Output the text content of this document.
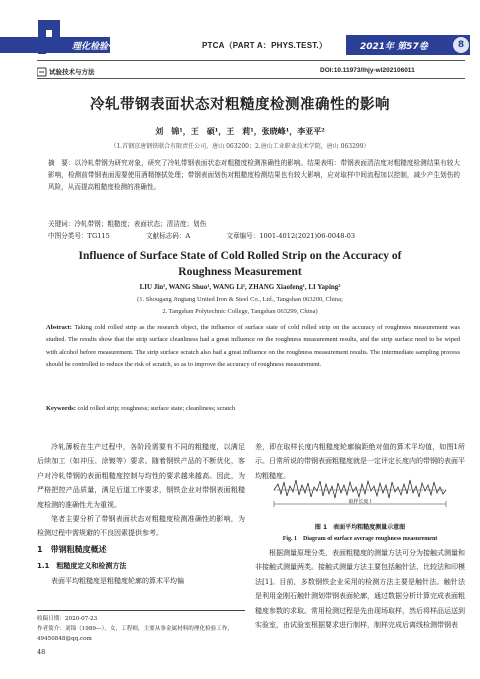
理化检验·物理分册	PTCA（PART A：PHYS.TEST.）	2021年 第57卷	8
试验技术与方法	DOI:10.11973/lhjy-wl202106011
冷轧带钢表面状态对粗糙度检测准确性的影响
刘　锦¹，王　硕¹，王　莉¹，张晓峰¹，李亚平²
（1.首钢京唐钢铁联合有限责任公司，唐山 063200；2.唐山工业职业技术学院，唐山 063299）
摘　要：以冷轧带钢为研究对象，研究了冷轧带钢表面状态对粗糙度检测准确性的影响。结果表明：带钢表面清洁度对粗糙度检测结果有较大影响，检测前带钢表面需要使用酒精擦拭处理；带钢表面划伤对粗糙度检测结果也有较大影响，应对取样中间流程加以控制，减少产生划伤的风险，从而提高粗糙度检测的准确性。
关键词：冷轧带钢；粗糙度；表面状态；清洁度；划伤
中图分类号：TG115	文献标志码：A	文章编号：1001-4012(2021)06-0048-03
Influence of Surface State of Cold Rolled Strip on the Accuracy of
Roughness Measurement
LIU Jin¹, WANG Shuo¹, WANG Li¹, ZHANG Xiaofeng¹, LI Yaping²
(1. Shougang Jingtang United Iron & Steel Co., Ltd., Tangshan 063200, China;
2. Tangshan Polytechnic College, Tangshan 063299, China)
Abstract: Taking cold rolled strip as the research object, the influence of surface state of cold rolled strip on the accuracy of roughness measurement was studied. The results show that the strip surface cleanliness had a great influence on the roughness measurement results, and the strip surface need to be wiped with alcohol before measurement. The strip surface scratch also had a great influence on the roughness measurement results. The intermediate sampling process should be controlled to reduce the risk of scratch, so as to improve the accuracy of roughness measurement.
Keywords: cold rolled strip; roughness; surface state; cleanliness; scratch

冷轧薄板在生产过程中，各阶段需要有不同的粗糙度，以满足后续加工（如冲压、涂镀等）要求。随着钢铁产品的不断优化，客户对冷轧带钢的表面粗糙度控制与均性的要求越来越高。因此，为严格把控产品质量，满足后道工序要求，钢铁企业对带钢表面粗糙度检测的准确性尤为重视。

笔者主要分析了带钢表面状态对粗糙度检测准确性的影响，为检测过程中需规避的不良因素提供参考。

1　带钢粗糙度概述
1.1　粗糙度定义和检测方法

表面平均粗糙度是粗糙度轮廓的算术平均偏

收稿日期：2020-07-23
作者简介：刘锦（1989—），女，工程师，主要从事金属材料的理化检验工作，49450848@qq.com
48

差，即在取样长度内粗糙度轮廓偏距绝对值的算术平均值，如图1所示。日常所说的带钢表面粗糙度就是一定评定长度内的带钢的表面平均粗糙度。

取样长度 l
图 1　表面平均粗糙度测量示意图
Fig. 1　Diagram of surface average roughness measurement

根据测量原理分类，表面粗糙度的测量方法可分为接触式测量和非接触式测量两类。接触式测量方法主要包括触针法、比较法和印模法[1]。目前，多数钢铁企业采用的检测方法主要是触针法。触针法是利用金刚石触针测划带钢表面轮廓，通过数据分析计算完成表面粗糙度参数的求取。常用检测过程是先由现场取样，然后将样品运送到实验室，由试验室根据要求进行制样，制样完成后离线检测带钢表
